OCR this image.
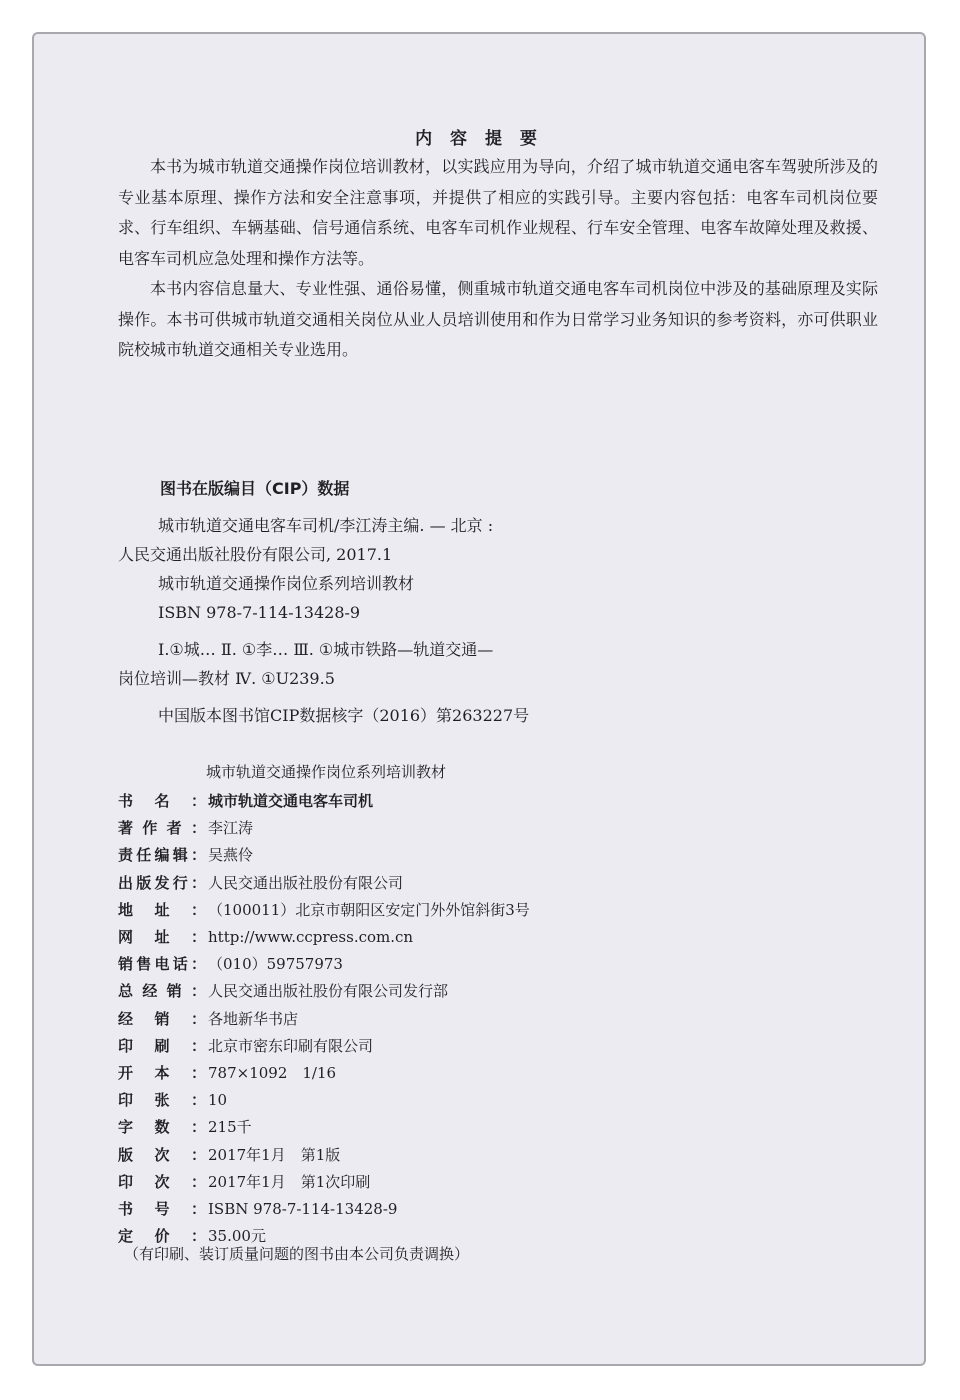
内 容 提 要

本书为城市轨道交通操作岗位培训教材，以实践应用为导向，介绍了城市轨道交通电客车驾驶所涉及的专业基本原理、操作方法和安全注意事项，并提供了相应的实践引导。主要内容包括：电客车司机岗位要求、行车组织、车辆基础、信号通信系统、电客车司机作业规程、行车安全管理、电客车故障处理及救援、电客车司机应急处理和操作方法等。

本书内容信息量大、专业性强、通俗易懂，侧重城市轨道交通电客车司机岗位中涉及的基础原理及实际操作。本书可供城市轨道交通相关岗位从业人员培训使用和作为日常学习业务知识的参考资料，亦可供职业院校城市轨道交通相关专业选用。

图书在版编目（CIP）数据
城市轨道交通电客车司机/李江涛主编. — 北京 :
人民交通出版社股份有限公司, 2017.1
城市轨道交通操作岗位系列培训教材
ISBN 978-7-114-13428-9
Ⅰ.①城… Ⅱ. ①李… Ⅲ. ①城市铁路—轨道交通—
岗位培训—教材 Ⅳ. ①U239.5
中国版本图书馆CIP数据核字（2016）第263227号
城市轨道交通操作岗位系列培训教材
书名： 城市轨道交通电客车司机
著作者： 李江涛
责任编辑： 吴燕伶
出版发行： 人民交通出版社股份有限公司
地址： （100011）北京市朝阳区安定门外外馆斜街3号
网址： http://www.ccpress.com.cn
销售电话： （010）59757973
总经销： 人民交通出版社股份有限公司发行部
经销： 各地新华书店
印刷： 北京市密东印刷有限公司
开本： 787×1092　1/16
印张： 10
字数： 215千
版次： 2017年1月　第1版
印次： 2017年1月　第1次印刷
书号： ISBN 978-7-114-13428-9
定价： 35.00元
（有印刷、装订质量问题的图书由本公司负责调换）
